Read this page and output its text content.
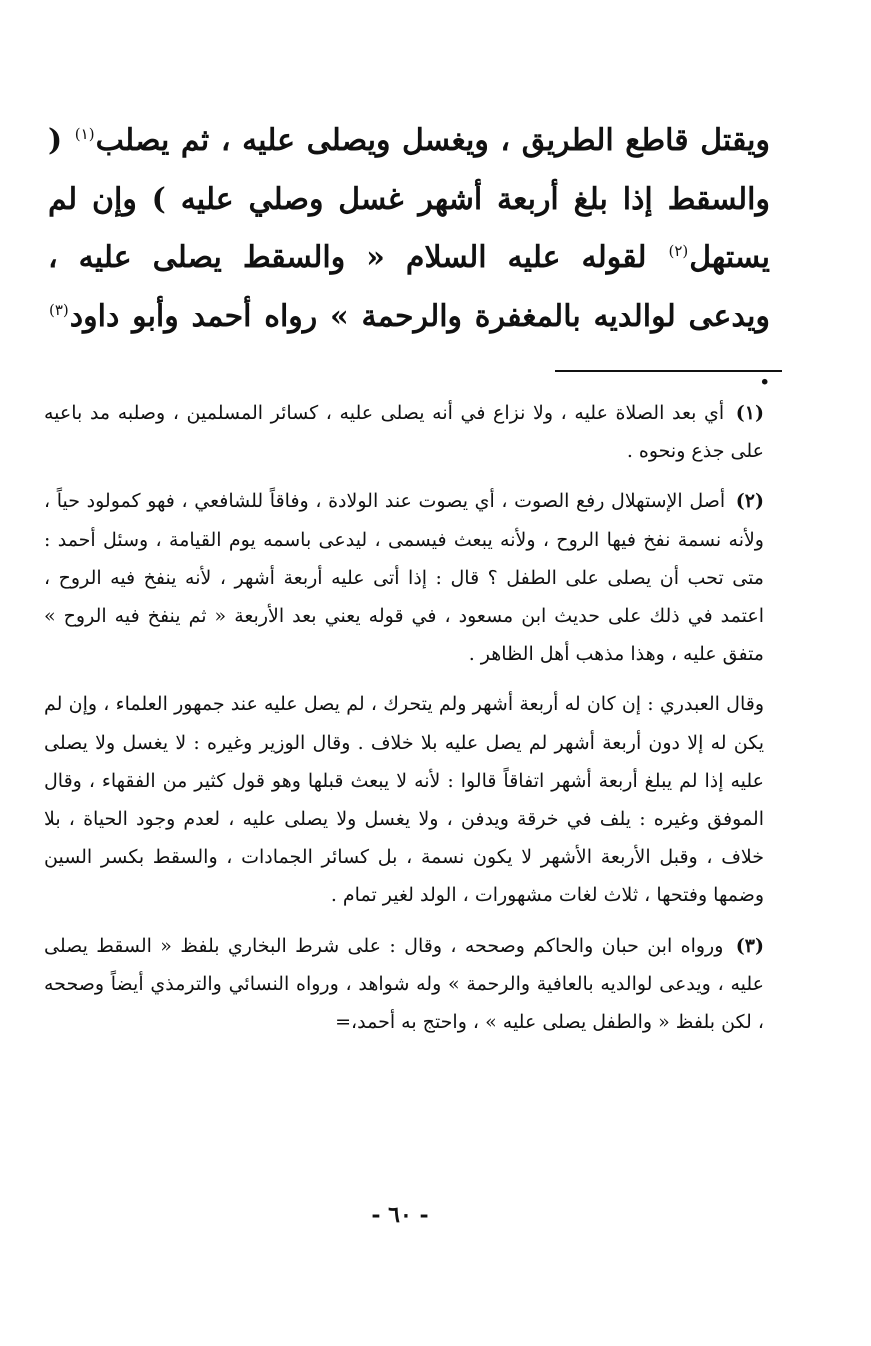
ويقتل قاطع الطريق ، ويغسل ويصلى عليه ، ثم يصلب$^{(١)}$ ( والسقط إذا بلغ أربعة أشهر غسل وصلي عليه ) وإن لم يستهل$^{(٢)}$ لقوله عليه السلام « والسقط يصلى عليه ، ويدعى لوالديه بالمغفرة والرحمة » رواه أحمد وأبو داود$^{(٣)}$ .

(١) أي بعد الصلاة عليه ، ولا نزاع في أنه يصلى عليه ، كسائر المسلمين ، وصلبه مد باعيه على جذع ونحوه .

(٢) أصل الإستهلال رفع الصوت ، أي يصوت عند الولادة ، وفاقاً للشافعي ، فهو كمولود حياً ، ولأنه نسمة نفخ فيها الروح ، ولأنه يبعث فيسمى ، ليدعى باسمه يوم القيامة ، وسئل أحمد : متى تحب أن يصلى على الطفل ؟ قال : إذا أتى عليه أربعة أشهر ، لأنه ينفخ فيه الروح ، اعتمد في ذلك على حديث ابن مسعود ، في قوله يعني بعد الأربعة « ثم ينفخ فيه الروح » متفق عليه ، وهذا مذهب أهل الظاهر .

وقال العبدري : إن كان له أربعة أشهر ولم يتحرك ، لم يصل عليه عند جمهور العلماء ، وإن لم يكن له إلا دون أربعة أشهر لم يصل عليه بلا خلاف . وقال الوزير وغيره : لا يغسل ولا يصلى عليه إذا لم يبلغ أربعة أشهر اتفاقاً قالوا : لأنه لا يبعث قبلها وهو قول كثير من الفقهاء ، وقال الموفق وغيره : يلف في خرقة ويدفن ، ولا يغسل ولا يصلى عليه ، لعدم وجود الحياة ، بلا خلاف ، وقبل الأربعة الأشهر لا يكون نسمة ، بل كسائر الجمادات ، والسقط بكسر السين وضمها وفتحها ، ثلاث لغات مشهورات ، الولد لغير تمام .

(٣) ورواه ابن حبان والحاكم وصححه ، وقال : على شرط البخاري بلفظ « السقط يصلى عليه ، ويدعى لوالديه بالعافية والرحمة » وله شواهد ، ورواه النسائي والترمذي أيضاً وصححه ، لكن بلفظ « والطفل يصلى عليه » ، واحتج به أحمد،=

- ٦٠ -
